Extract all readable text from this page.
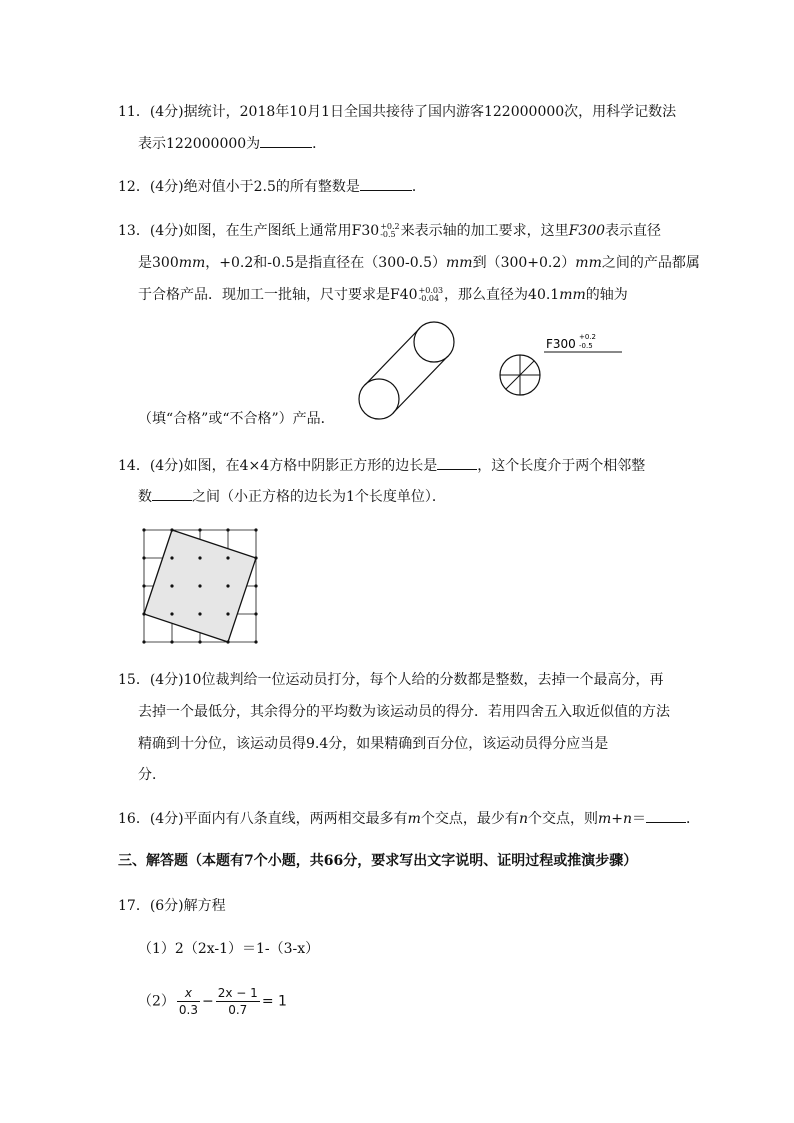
11．(4分)据统计，2018年10月1日全国共接待了国内游客122000000次，用科学记数法
表示122000000为	．
12．(4分)绝对值小于2.5的所有整数是	．
13．(4分)如图，在生产图纸上通常用F30 +0.2
-0.5 来表示轴的加工要求，这里F300表示直径
是300mm，+0.2和-0.5是指直径在（300-0.5）mm到（300+0.2）mm之间的产品都属
于合格产品．现加工一批轴，尺寸要求是F40 +0.03
-0.04 ，那么直径为40.1mm的轴为
F300 +0.2
-0.5
（填“合格”或“不合格”）产品．
14．(4分)如图，在4×4方格中阴影正方形的边长是	，这个长度介于两个相邻整
数	之间（小正方格的边长为1个长度单位）．
15．(4分)10位裁判给一位运动员打分，每个人给的分数都是整数，去掉一个最高分，再
去掉一个最低分，其余得分的平均数为该运动员的得分．若用四舍五入取近似值的方法
精确到十分位，该运动员得9.4分，如果精确到百分位，该运动员得分应当是
分．
16．(4分)平面内有八条直线，两两相交最多有m个交点，最少有n个交点，则m+n＝	．
三、解答题（本题有7个小题，共66分，要求写出文字说明、证明过程或推演步骤）
17．(6分)解方程
（1）2（2x-1）＝1-（3-x）
$(2) \frac{x}{0.3} - \frac{2x - 1}{0.7} = 1$
